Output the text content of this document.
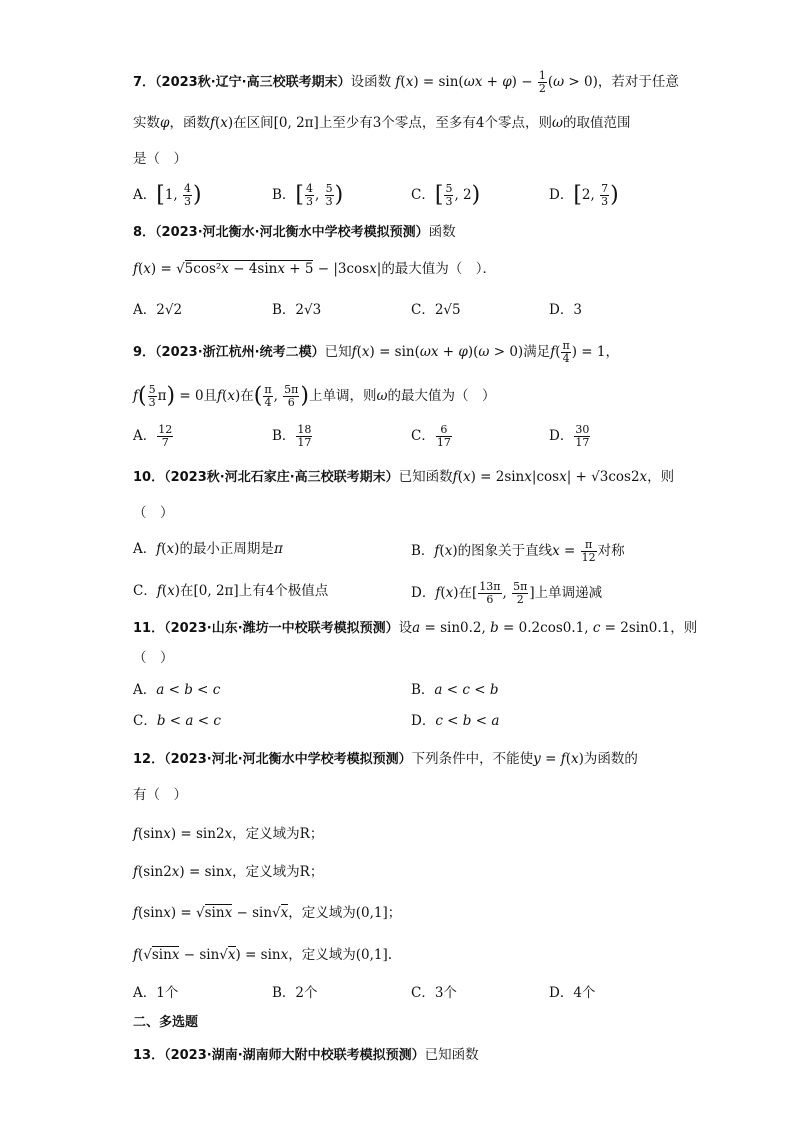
7．（2023秋·辽宁·高三校联考期末）设函数 $f(x) = \sin(\omega x + \varphi) - \frac{1}{2} (\omega > 0)$，若对于任意
实数φ，函数f(x)在区间[0, 2π]上至少有3个零点，至多有4个零点，则ω的取值范围
是（　）
A．[1, $\frac{4}{3}$ )	B．[ $\frac{4}{3}$ , $\frac{5}{3}$ )	C．[ $\frac{5}{3}$ , 2)	D．[2, $\frac{7}{3}$ )
8．（2023·河北衡水·河北衡水中学校考模拟预测）函数
f(x) = √5cos²x − 4sinx + 5 − |3cosx|的最大值为（　）．
A．2√2	B．2√3	C．2√5	D．3
9．（2023·浙江杭州·统考二模）已知f(x) = sin(ωx + φ)(ω > 0)满足$f( \frac{\pi}{4}$ ) = 1，
$f( \frac{5}{3} \pi) = 0$且f(x)在( $\frac{\pi}{4}$ , $\frac{5\pi}{6}$ )上单调，则ω的最大值为（　）
A． $\frac{12}{7}$	B． $\frac{18}{17}$	C． $\frac{6}{17}$	D． $\frac{30}{17}$
10．（2023秋·河北石家庄·高三校联考期末）已知函数f(x) = 2sinx|cosx| + √3cos2x，则
（　）
A．f(x)的最小正周期是π	B．f(x)的图象关于直线$x = \frac{\pi}{12}$ 对称
C．f(x)在[0, 2π]上有4个极值点	D．f(x)在[ $\frac{13\pi}{6}$ , $\frac{5\pi}{2}$ ]上单调递减
11．（2023·山东·潍坊一中校联考模拟预测）设a = sin0.2, b = 0.2cos0.1, c = 2sin0.1，则
（　）
A．a < b < c	B．a < c < b
C．b < a < c	D．c < b < a
12．（2023·河北·河北衡水中学校考模拟预测）下列条件中，不能使y = f(x)为函数的
有（　）
f(sinx) = sin2x，定义域为R；
f(sin2x) = sinx，定义域为R；
f(sinx) = √sinx − sin√x，定义域为(0,1]；
f(√sinx − sin√x) = sinx，定义域为(0,1].
A．1个	B．2个	C．3个	D．4个
二、多选题
13．（2023·湖南·湖南师大附中校联考模拟预测）已知函数
